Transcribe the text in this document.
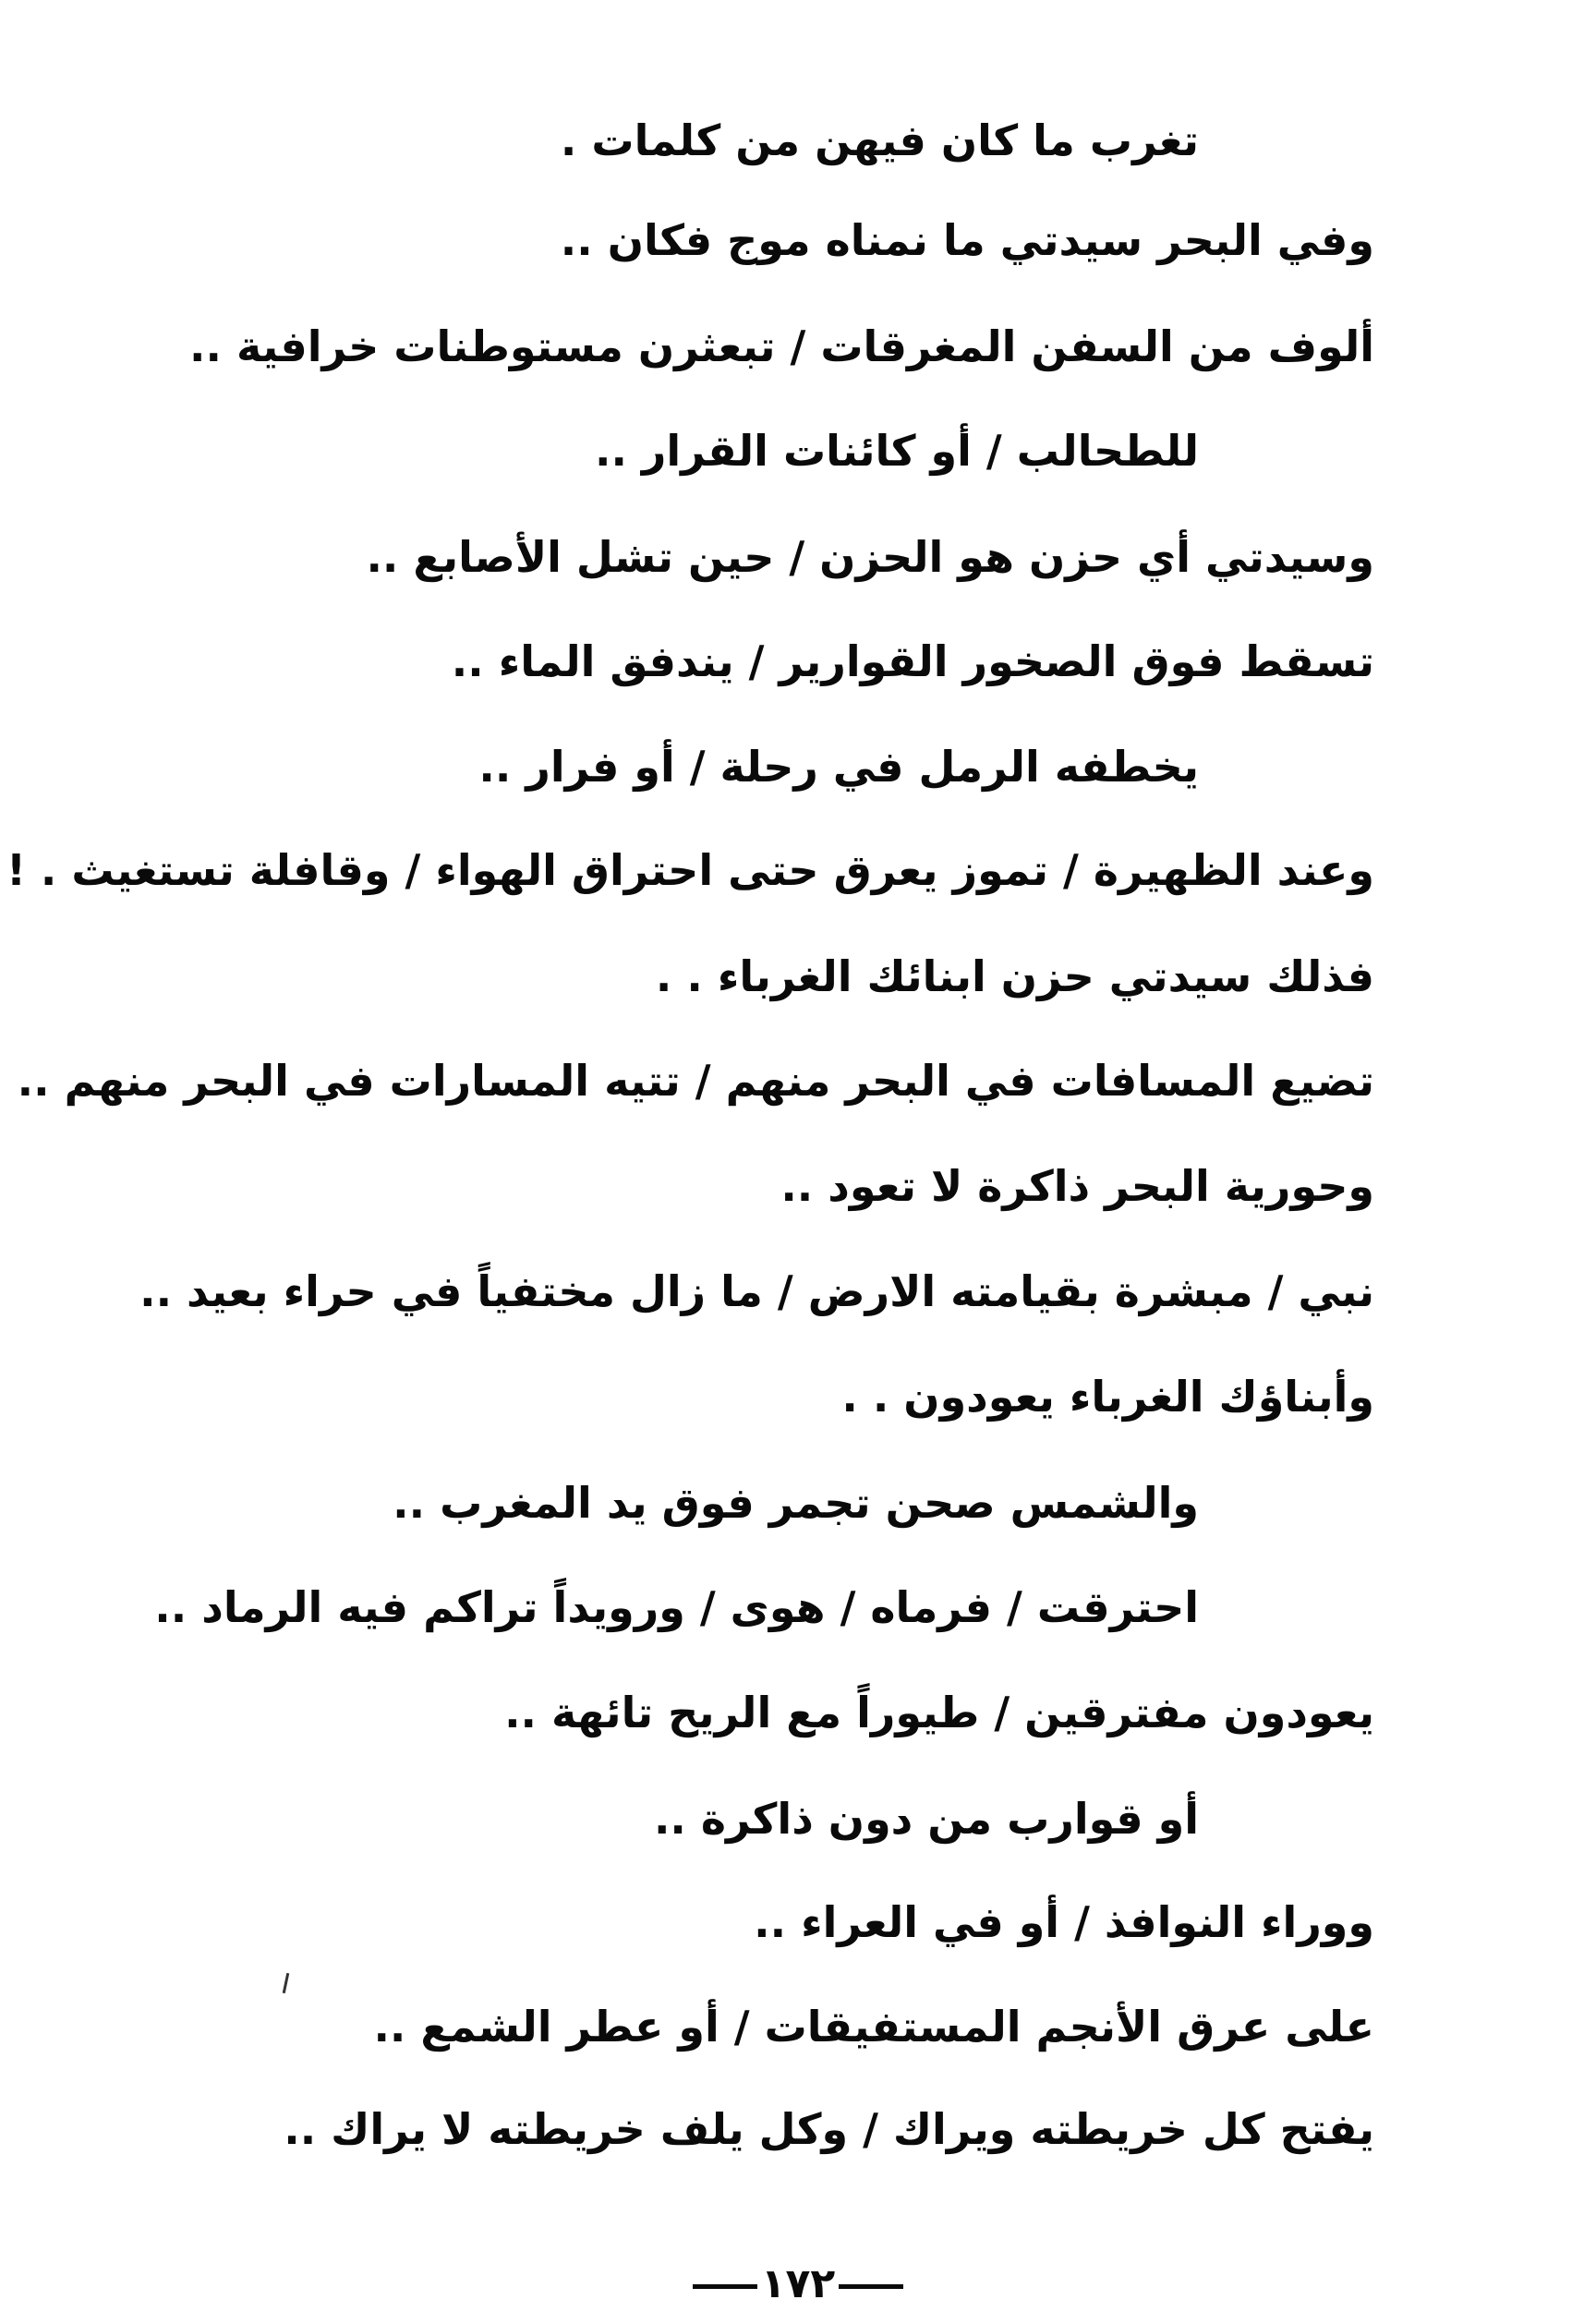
تغرب ما كان فيهن من كلمات .
وفي البحر سيدتي ما نمناه موج فكان ..
ألوف من السفن المغرقات / تبعثرن مستوطنات خرافية ..
للطحالب / أو كائنات القرار ..
وسيدتي أي حزن هو الحزن / حين تشل الأصابع ..
تسقط فوق الصخور القوارير / يندفق الماء ..
يخطفه الرمل في رحلة / أو فرار ..
وعند الظهيرة / تموز يعرق حتى احتراق الهواء / وقافلة تستغيث . !
فذلك سيدتي حزن ابنائك الغرباء . .
تضيع المسافات في البحر منهم / تتيه المسارات في البحر منهم ..
وحورية البحر ذاكرة لا تعود ..
نبي / مبشرة بقيامته الارض / ما زال مختفياً في حراء بعيد ..
وأبناؤك الغرباء يعودون . .
والشمس صحن تجمر فوق يد المغرب ..
احترقت / فرماه / هوى / ورويداً تراكم فيه الرماد ..
يعودون مفترقين / طيوراً مع الريح تائهة ..
أو قوارب من دون ذاكرة ..
ووراء النوافذ / أو في العراء ..
على عرق الأنجم المستفيقات / أو عطر الشمع ..
يفتح كل خريطته ويراك / وكل يلف خريطته لا يراك ..
١٧٢
